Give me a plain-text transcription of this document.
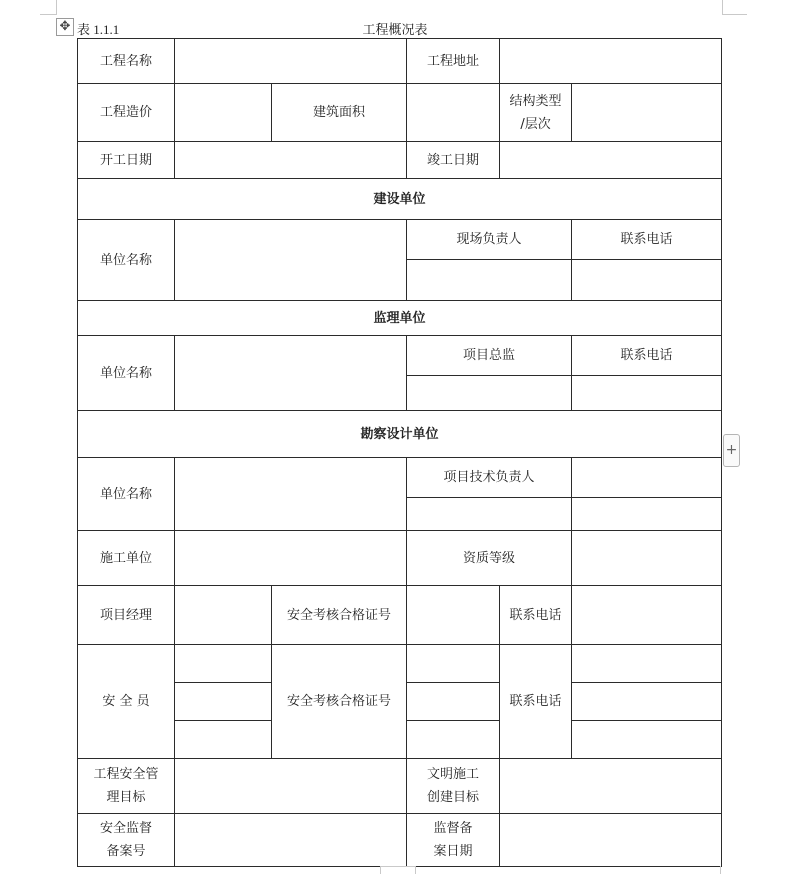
✥ 表 1.1.1	工程概况表
工程名称			工程地址		
工程造价		建筑面积		结构类型
/层次	
开工日期			竣工日期		
建设单位					
单位名称			现场负责人		联系电话

监理单位					
单位名称			项目总监		联系电话

勘察设计单位					
单位名称			项目技术负责人		

施工单位			资质等级		
项目经理		安全考核合格证号		联系电话	
安 全 员		安全考核合格证号		联系电话	

工程安全管
理目标			文明施工
创建目标		
安全监督
备案号			监督备
案日期		
+
